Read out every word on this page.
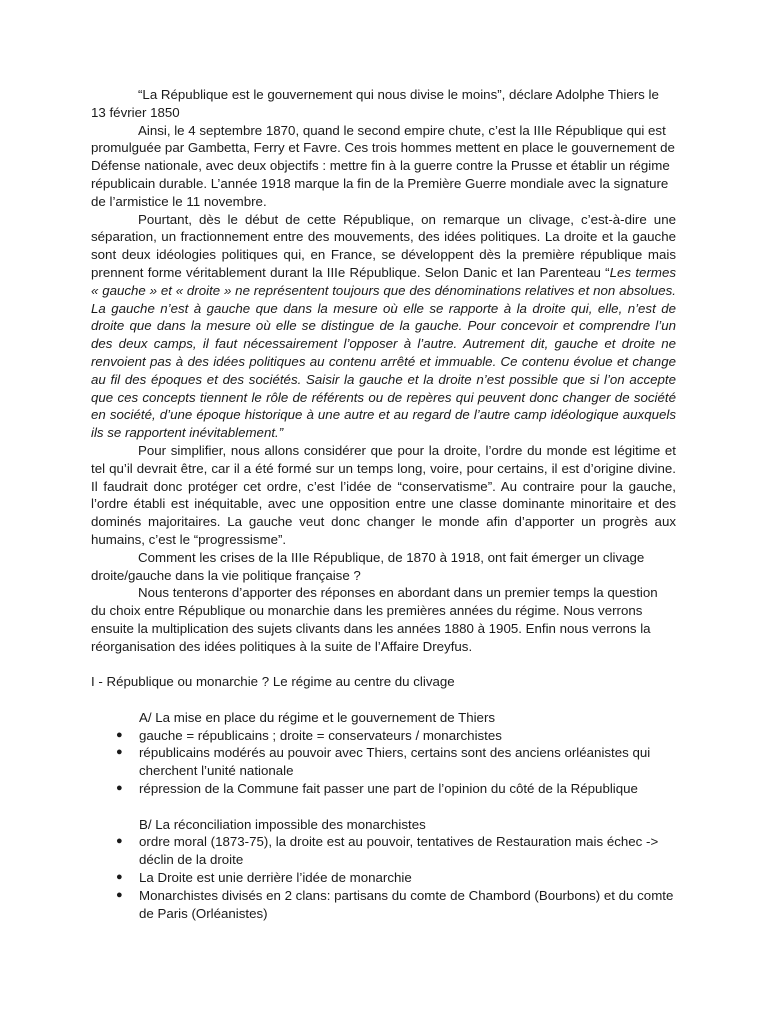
“La République est le gouvernement qui nous divise le moins”, déclare Adolphe Thiers le 13 février 1850

Ainsi, le 4 septembre 1870, quand le second empire chute, c’est la IIIe République qui est promulguée par Gambetta, Ferry et Favre. Ces trois hommes mettent en place le gouvernement de Défense nationale, avec deux objectifs : mettre fin à la guerre contre la Prusse et établir un régime républicain durable. L’année 1918 marque la fin de la Première Guerre mondiale avec la signature de l’armistice le 11 novembre.

Pourtant, dès le début de cette République, on remarque un clivage, c’est-à-dire une séparation, un fractionnement entre des mouvements, des idées politiques. La droite et la gauche sont deux idéologies politiques qui, en France, se développent dès la première république mais prennent forme véritablement durant la IIIe République. Selon Danic et Ian Parenteau “Les termes « gauche » et « droite » ne représentent toujours que des dénominations relatives et non absolues. La gauche n’est à gauche que dans la mesure où elle se rapporte à la droite qui, elle, n’est de droite que dans la mesure où elle se distingue de la gauche. Pour concevoir et comprendre l’un des deux camps, il faut nécessairement l’opposer à l’autre. Autrement dit, gauche et droite ne renvoient pas à des idées politiques au contenu arrêté et immuable. Ce contenu évolue et change au fil des époques et des sociétés. Saisir la gauche et la droite n’est possible que si l’on accepte que ces concepts tiennent le rôle de référents ou de repères qui peuvent donc changer de société en société, d’une époque historique à une autre et au regard de l’autre camp idéologique auxquels ils se rapportent inévitablement.”

Pour simplifier, nous allons considérer que pour la droite, l’ordre du monde est légitime et tel qu’il devrait être, car il a été formé sur un temps long, voire, pour certains, il est d’origine divine. Il faudrait donc protéger cet ordre, c’est l’idée de “conservatisme”. Au contraire pour la gauche, l’ordre établi est inéquitable, avec une opposition entre une classe dominante minoritaire et des dominés majoritaires. La gauche veut donc changer le monde afin d’apporter un progrès aux humains, c’est le “progressisme”.

Comment les crises de la IIIe République, de 1870 à 1918, ont fait émerger un clivage droite/gauche dans la vie politique française ?

Nous tenterons d’apporter des réponses en abordant dans un premier temps la question du choix entre République ou monarchie dans les premières années du régime. Nous verrons ensuite la multiplication des sujets clivants dans les années 1880 à 1905. Enfin nous verrons la réorganisation des idées politiques à la suite de l’Affaire Dreyfus.

I - République ou monarchie ? Le régime au centre du clivage

A/ La mise en place du régime et le gouvernement de Thiers

● gauche = républicains ; droite = conservateurs / monarchistes
● républicains modérés au pouvoir avec Thiers, certains sont des anciens orléanistes qui cherchent l’unité nationale
● répression de la Commune fait passer une part de l’opinion du côté de la République

B/ La réconciliation impossible des monarchistes

● ordre moral (1873-75), la droite est au pouvoir, tentatives de Restauration mais échec -> déclin de la droite
● La Droite est unie derrière l’idée de monarchie
● Monarchistes divisés en 2 clans: partisans du comte de Chambord (Bourbons) et du comte de Paris (Orléanistes)
